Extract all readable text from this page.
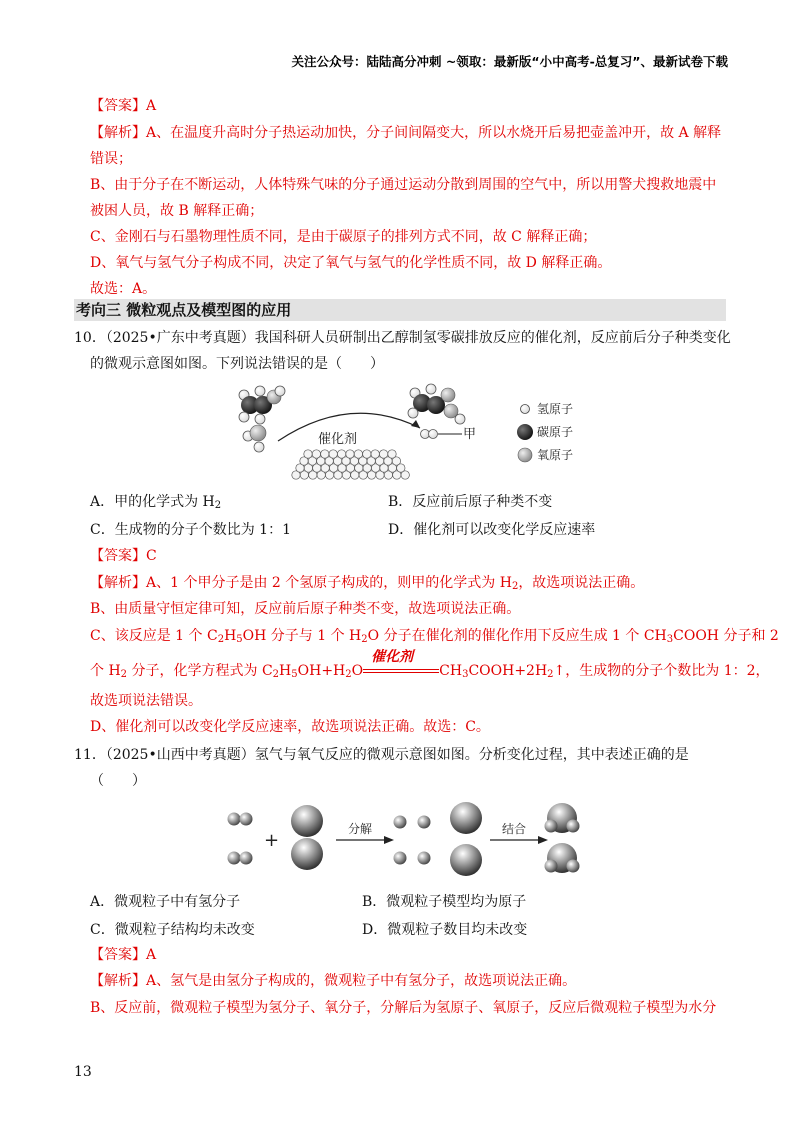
关注公众号：陆陆高分冲刺 ~领取：最新版“小中高考-总复习”、最新试卷下载
【答案】A
【解析】A、在温度升高时分子热运动加快，分子间间隔变大，所以水烧开后易把壶盖冲开，故 A 解释
错误；
B、由于分子在不断运动，人体特殊气味的分子通过运动分散到周围的空气中，所以用警犬搜救地震中
被困人员，故 B 解释正确；
C、金刚石与石墨物理性质不同，是由于碳原子的排列方式不同，故 C 解释正确；
D、氧气与氢气分子构成不同，决定了氧气与氢气的化学性质不同，故 D 解释正确。
故选：A。
考向三 微粒观点及模型图的应用
10．（2025•广东中考真题）我国科研人员研制出乙醇制氢零碳排放反应的催化剂，反应前后分子种类变化
的微观示意图如图。下列说法错误的是（　　）
催化剂	甲
氢原子
碳原子
氧原子
A．甲的化学式为 $H_2$	B．反应前后原子种类不变
C．生成物的分子个数比为 1：1	D．催化剂可以改变化学反应速率
【答案】C
【解析】A、1 个甲分子是由 2 个氢原子构成的，则甲的化学式为 $H_2$，故选项说法正确。
B、由质量守恒定律可知，反应前后原子种类不变，故选项说法正确。
C、该反应是 1 个 $C_2H_5OH$ 分子与 1 个 $H_2O$ 分子在催化剂的催化作用下反应生成 1 个 $CH_3COOH$ 分子和 2
个 $H_2$ 分子，化学方程式为 $C_2H_5OH+H_2O$
催化剂
$CH_3COOH+2H_2↑$，生成物的分子个数比为 1：2，
故选项说法错误。
D、催化剂可以改变化学反应速率，故选项说法正确。故选：C。
11．（2025•山西中考真题）氢气与氧气反应的微观示意图如图。分析变化过程，其中表述正确的是
（　　）
+
分解	结合
A．微观粒子中有氢分子	B．微观粒子模型均为原子
C．微观粒子结构均未改变	D．微观粒子数目均未改变
【答案】A
【解析】A、氢气是由氢分子构成的，微观粒子中有氢分子，故选项说法正确。
B、反应前，微观粒子模型为氢分子、氧分子，分解后为氢原子、氧原子，反应后微观粒子模型为水分
13
